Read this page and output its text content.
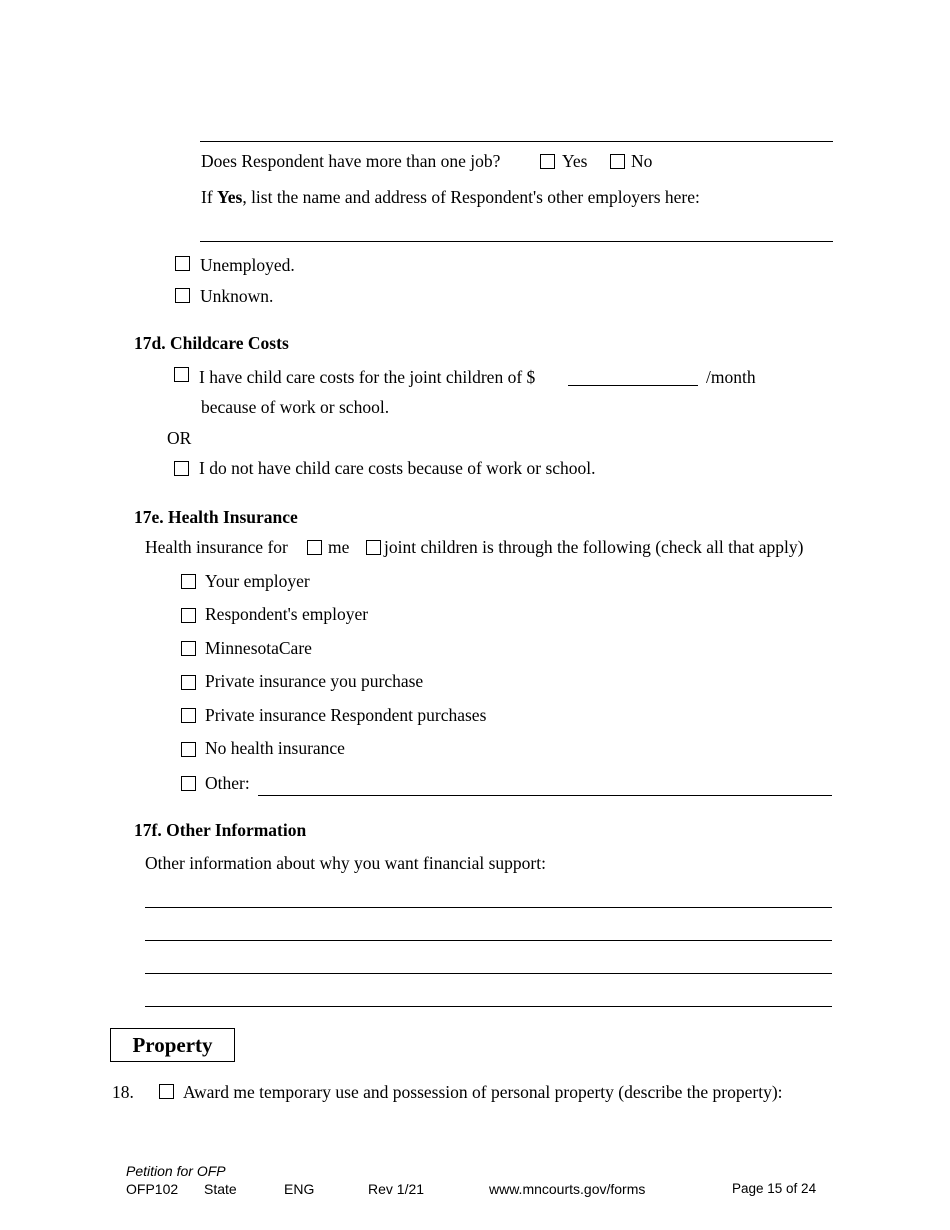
Does Respondent have more than one job?	Yes No
If Yes, list the name and address of Respondent's other employers here:
Unemployed.
Unknown.
17d. Childcare Costs
I have child care costs for the joint children of $	/month
because of work or school.
OR
I do not have child care costs because of work or school.
17e. Health Insurance
Health insurance for me joint children is through the following (check all that apply)
Your employer
Respondent's employer
MinnesotaCare
Private insurance you purchase
Private insurance Respondent purchases
No health insurance
Other:
17f. Other Information
Other information about why you want financial support:
Property
18.	Award me temporary use and possession of personal property (describe the property):
Petition for OFP
OFP102 State	ENG	Rev 1/21	www.mncourts.gov/forms	Page 15 of 24
